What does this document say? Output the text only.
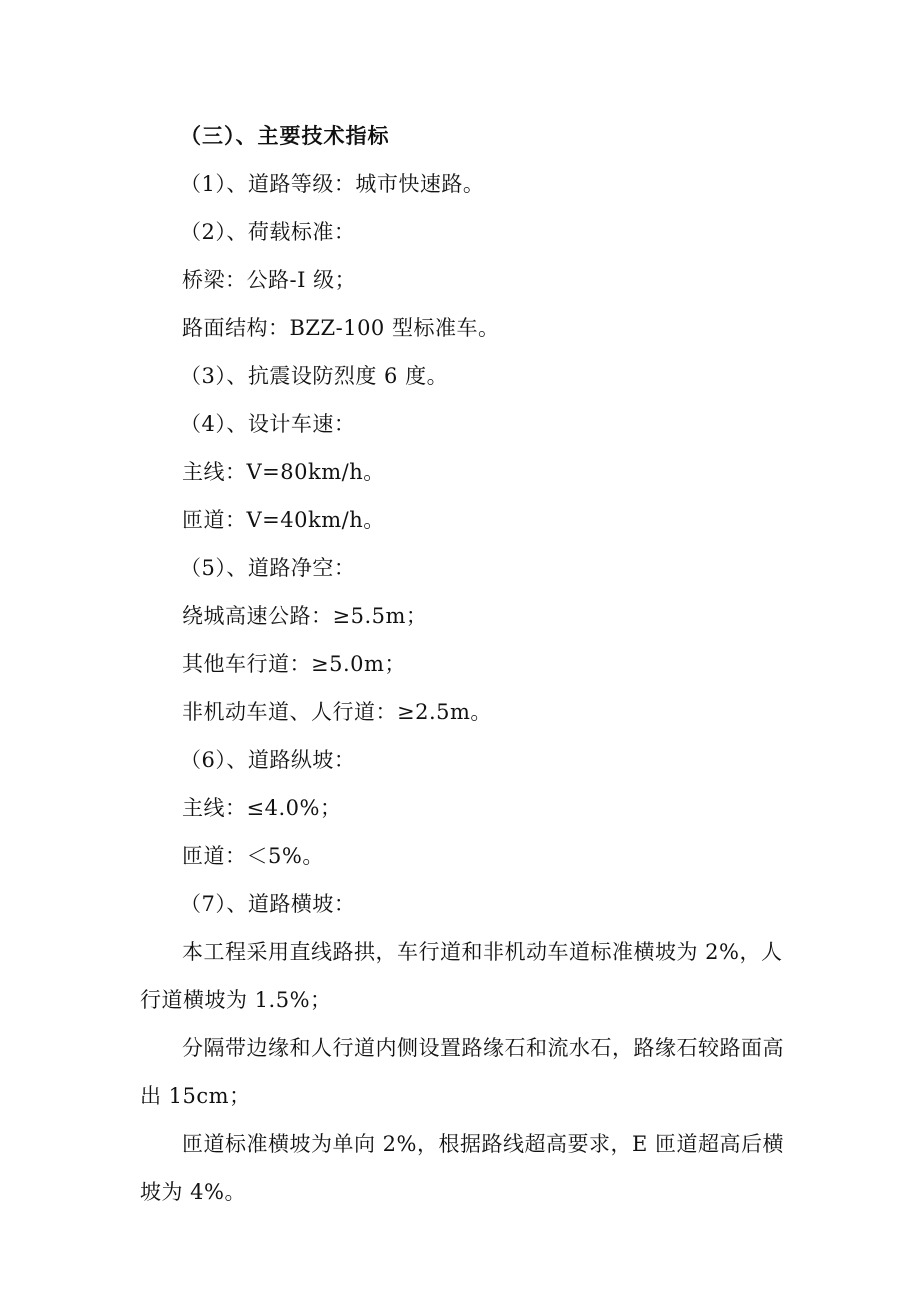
（三）、主要技术指标
（1）、道路等级：城市快速路。
（2）、荷载标准：
桥梁：公路-I 级；
路面结构：BZZ-100 型标准车。
（3）、抗震设防烈度 6 度。
（4）、设计车速：
主线：V=80km/h。
匝道：V=40km/h。
（5）、道路净空：
绕城高速公路：≥5.5m；
其他车行道：≥5.0m；
非机动车道、人行道：≥2.5m。
（6）、道路纵坡：
主线：≤4.0%；
匝道：＜5%。
（7）、道路横坡：
本工程采用直线路拱，车行道和非机动车道标准横坡为 2%，人
行道横坡为 1.5%；
分隔带边缘和人行道内侧设置路缘石和流水石，路缘石较路面高
出 15cm；
匝道标准横坡为单向 2%，根据路线超高要求，E 匝道超高后横
坡为 4%。
